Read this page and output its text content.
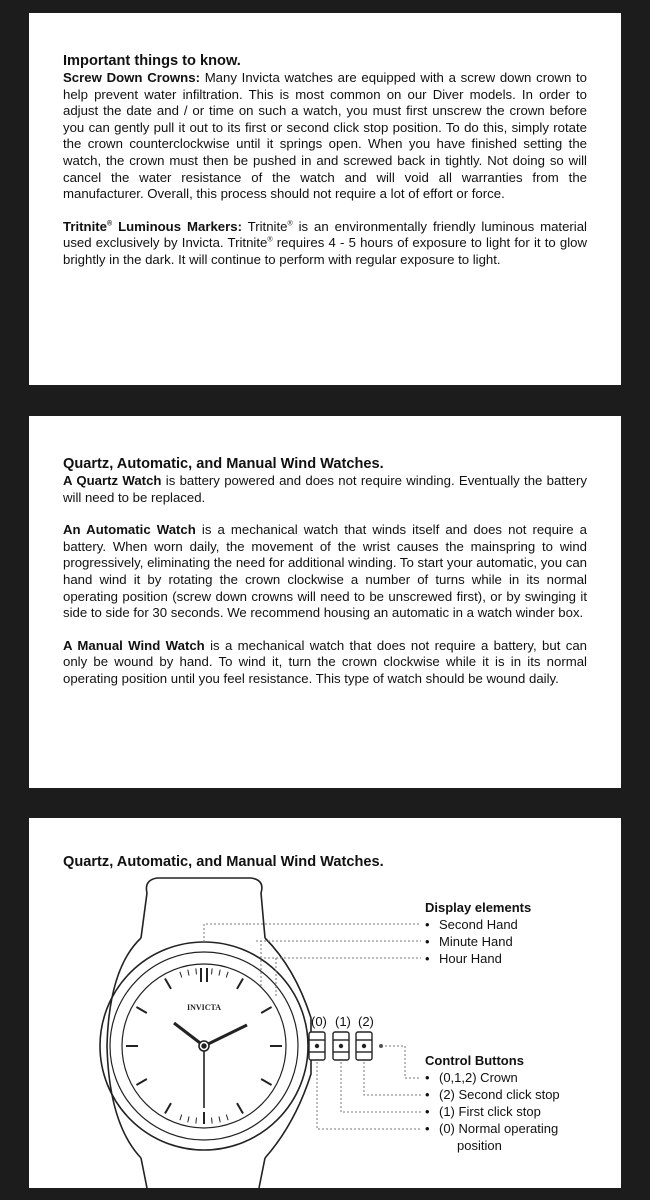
Important things to know.

Screw Down Crowns: Many Invicta watches are equipped with a screw down crown to help prevent water infiltration. This is most common on our Diver models. In order to adjust the date and / or time on such a watch, you must first unscrew the crown before you can gently pull it out to its first or second click stop position. To do this, simply rotate the crown counterclockwise until it springs open. When you have finished setting the watch, the crown must then be pushed in and screwed back in tightly. Not doing so will cancel the water resistance of the watch and will void all warranties from the manufacturer. Overall, this process should not require a lot of effort or force.

Tritnite® Luminous Markers: Tritnite® is an environmentally friendly luminous material used exclusively by Invicta. Tritnite® requires 4 - 5 hours of exposure to light for it to glow brightly in the dark. It will continue to perform with regular exposure to light.

Quartz, Automatic, and Manual Wind Watches.

A Quartz Watch is battery powered and does not require winding. Eventually the battery will need to be replaced.

An Automatic Watch is a mechanical watch that winds itself and does not require a battery. When worn daily, the movement of the wrist causes the mainspring to wind progressively, eliminating the need for additional winding. To start your automatic, you can hand wind it by rotating the crown clockwise a number of turns while in its normal operating position (screw down crowns will need to be unscrewed first), or by swinging it side to side for 30 seconds. We recommend housing an automatic in a watch winder box.

A Manual Wind Watch is a mechanical watch that does not require a battery, but can only be wound by hand. To wind it, turn the crown clockwise while it is in its normal operating position until you feel resistance. This type of watch should be wound daily.

Quartz, Automatic, and Manual Wind Watches.
INVICTA
(0) (1) (2)
Display elements
• Second Hand
• Minute Hand
• Hour Hand
Control Buttons
• (0,1,2) Crown
• (2) Second click stop
• (1) First click stop
• (0) Normal operating
position
